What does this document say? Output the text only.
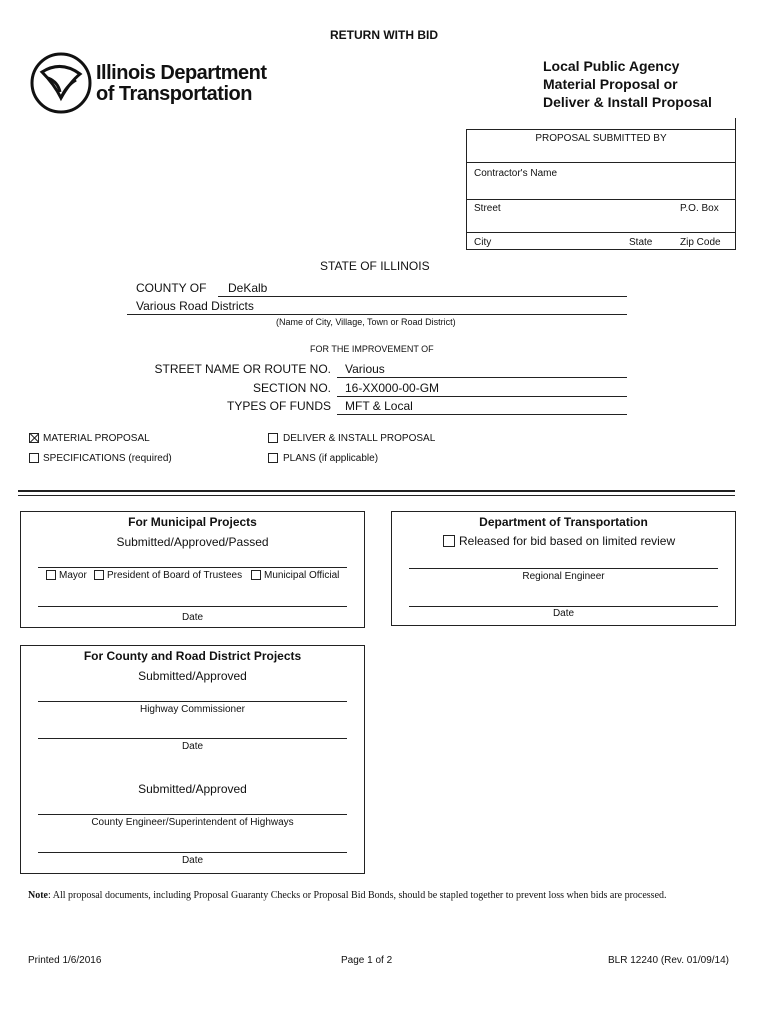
RETURN WITH BID
Illinois Department
of Transportation
Local Public Agency
Material Proposal or
Deliver & Install Proposal
PROPOSAL SUBMITTED BY
Contractor's Name
Street	P.O. Box
City	State	Zip Code
STATE OF ILLINOIS
COUNTY OF DeKalb
Various Road Districts
(Name of City, Village, Town or Road District)
FOR THE IMPROVEMENT OF
STREET NAME OR ROUTE NO. Various
SECTION NO. 16-XX000-00-GM
TYPES OF FUNDS MFT & Local
MATERIAL PROPOSAL
SPECIFICATIONS (required)
DELIVER & INSTALL PROPOSAL
PLANS (if applicable)
For Municipal Projects
Submitted/Approved/Passed
Mayor President of Board of Trustees Municipal Official
Date
Department of Transportation
Released for bid based on limited review
Regional Engineer
Date
For County and Road District Projects
Submitted/Approved
Highway Commissioner
Date
Submitted/Approved
County Engineer/Superintendent of Highways
Date
Note: All proposal documents, including Proposal Guaranty Checks or Proposal Bid Bonds, should be stapled together to prevent loss when bids are processed.
Printed 1/6/2016	Page 1 of 2	BLR 12240 (Rev. 01/09/14)
